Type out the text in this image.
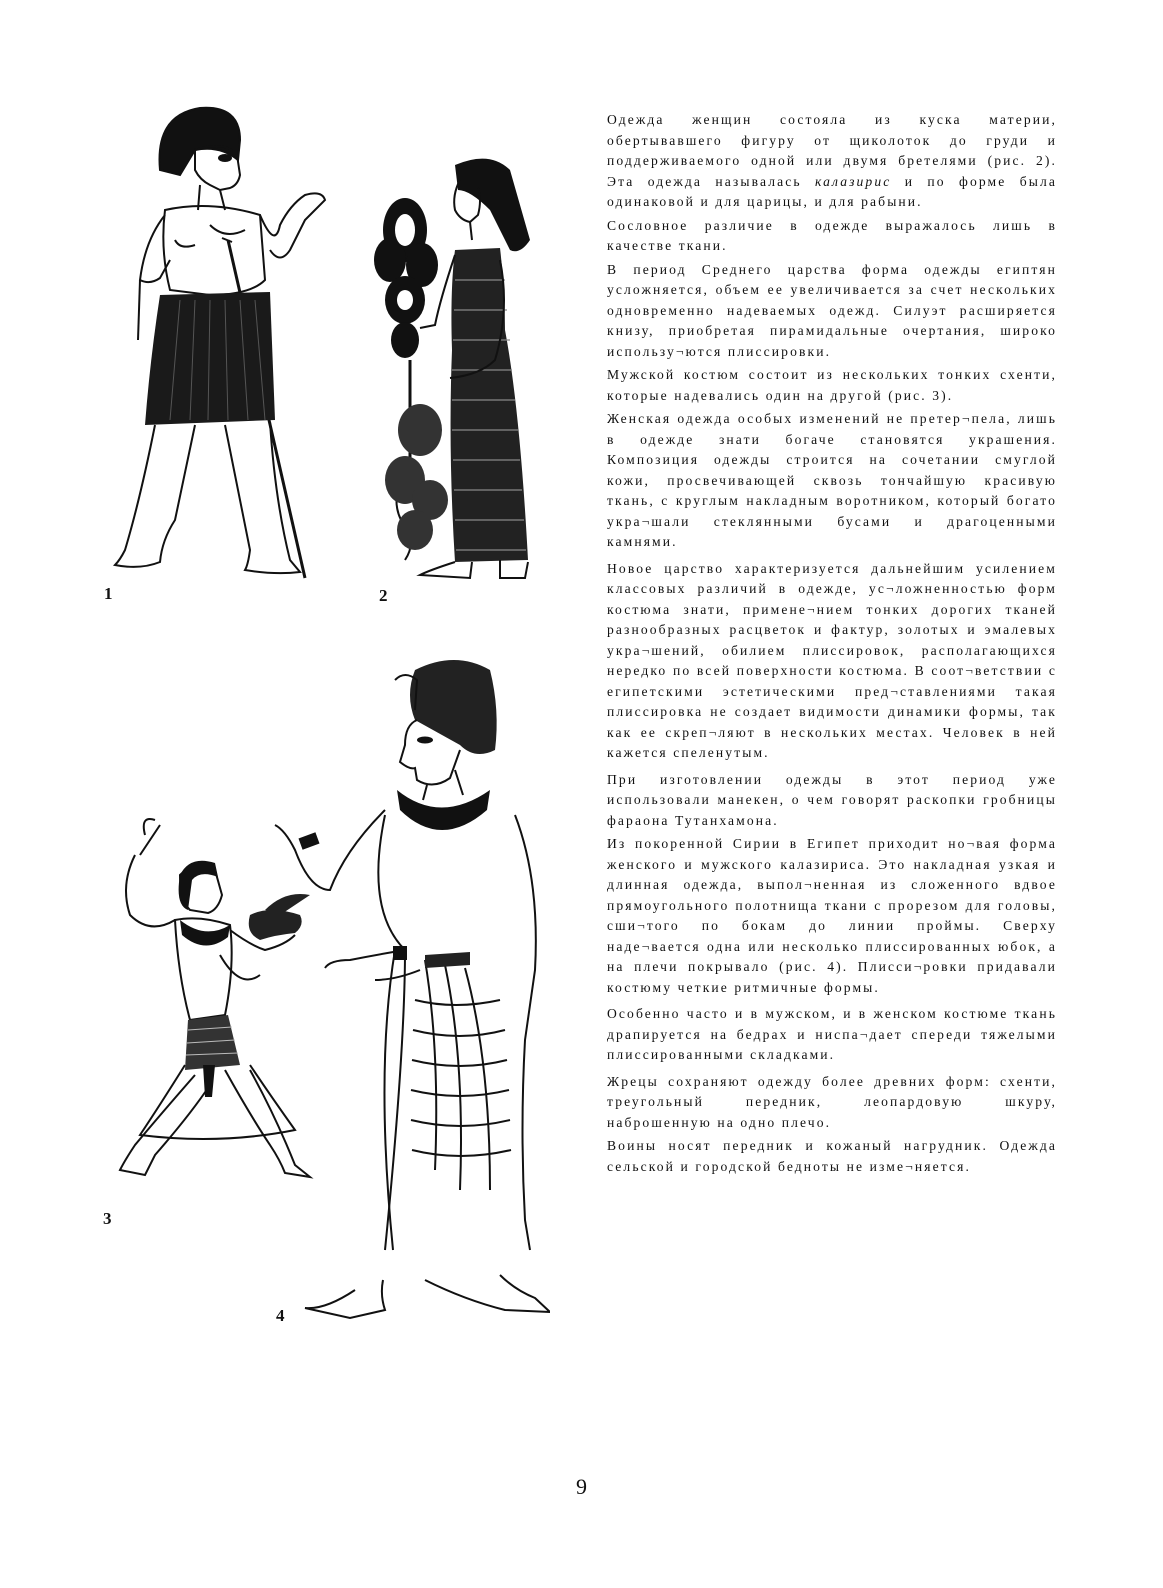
1	2
3
4

Одежда женщин состояла из куска материи, обертывавшего фигуру от щиколоток до груди и поддерживаемого одной или двумя бретелями (рис. 2). Эта одежда называлась калазирис и по форме была одинаковой и для царицы, и для рабыни.

Сословное различие в одежде выражалось лишь в качестве ткани.

В период Среднего царства форма одежды египтян усложняется, объем ее увеличивается за счет нескольких одновременно надеваемых одежд. Силуэт расширяется книзу, приобретая пирамидальные очертания, широко использу¬ются плиссировки.

Мужской костюм состоит из нескольких тонких схенти, которые надевались один на другой (рис. 3).

Женская одежда особых изменений не претер¬пела, лишь в одежде знати богаче становятся украшения. Композиция одежды строится на сочетании смуглой кожи, просвечивающей сквозь тончайшую красивую ткань, с круглым накладным воротником, который богато укра¬шали стеклянными бусами и драгоценными камнями.

Новое царство характеризуется дальнейшим усилением классовых различий в одежде, ус¬ложненностью форм костюма знати, примене¬нием тонких дорогих тканей разнообразных расцветок и фактур, золотых и эмалевых укра¬шений, обилием плиссировок, располагающихся нередко по всей поверхности костюма. В соот¬ветствии с египетскими эстетическими пред¬ставлениями такая плиссировка не создает видимости динамики формы, так как ее скреп¬ляют в нескольких местах. Человек в ней кажется спеленутым.

При изготовлении одежды в этот период уже использовали манекен, о чем говорят раскопки гробницы фараона Тутанхамона.

Из покоренной Сирии в Египет приходит но¬вая форма женского и мужского калазириса. Это накладная узкая и длинная одежда, выпол¬ненная из сложенного вдвое прямоугольного полотнища ткани с прорезом для головы, сши¬того по бокам до линии проймы. Сверху наде¬вается одна или несколько плиссированных юбок, а на плечи покрывало (рис. 4). Плисси¬ровки придавали костюму четкие ритмичные формы.

Особенно часто и в мужском, и в женском костюме ткань драпируется на бедрах и ниспа¬дает спереди тяжелыми плиссированными складками.

Жрецы сохраняют одежду более древних форм: схенти, треугольный передник, леопардовую шкуру, наброшенную на одно плечо.

Воины носят передник и кожаный нагрудник. Одежда сельской и городской бедноты не изме¬няется.

9
